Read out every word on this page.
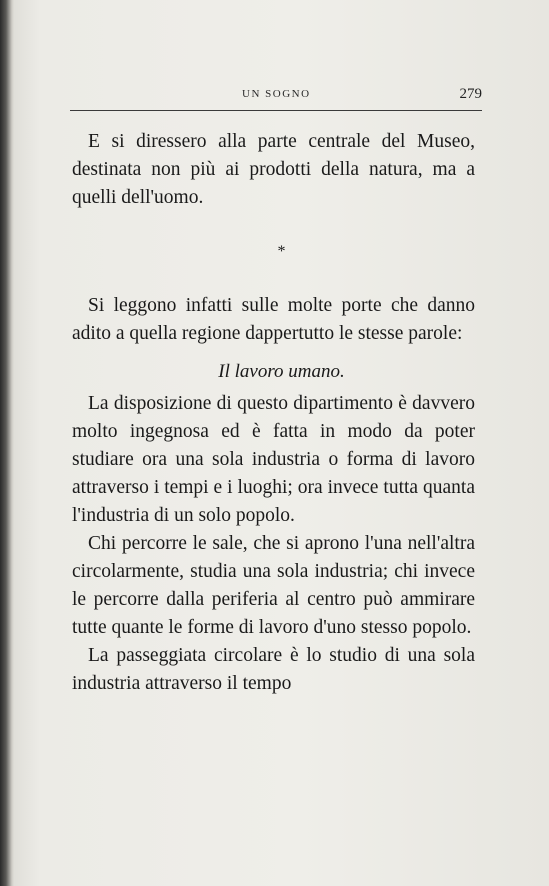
UN SOGNO	279

E si diressero alla parte centrale del Museo, destinata non più ai prodotti della natura, ma a quelli dell'uomo.

*

Si leggono infatti sulle molte porte che danno adito a quella regione dappertutto le stesse parole:

Il lavoro umano.

La disposizione di questo dipartimento è davvero molto ingegnosa ed è fatta in modo da poter studiare ora una sola industria o forma di lavoro attraverso i tempi e i luoghi; ora invece tutta quanta l'industria di un solo popolo.

Chi percorre le sale, che si aprono l'una nell'altra circolarmente, studia una sola industria; chi invece le percorre dalla periferia al centro può ammirare tutte quante le forme di lavoro d'uno stesso popolo.

La passeggiata circolare è lo studio di una sola industria attraverso il tempo
